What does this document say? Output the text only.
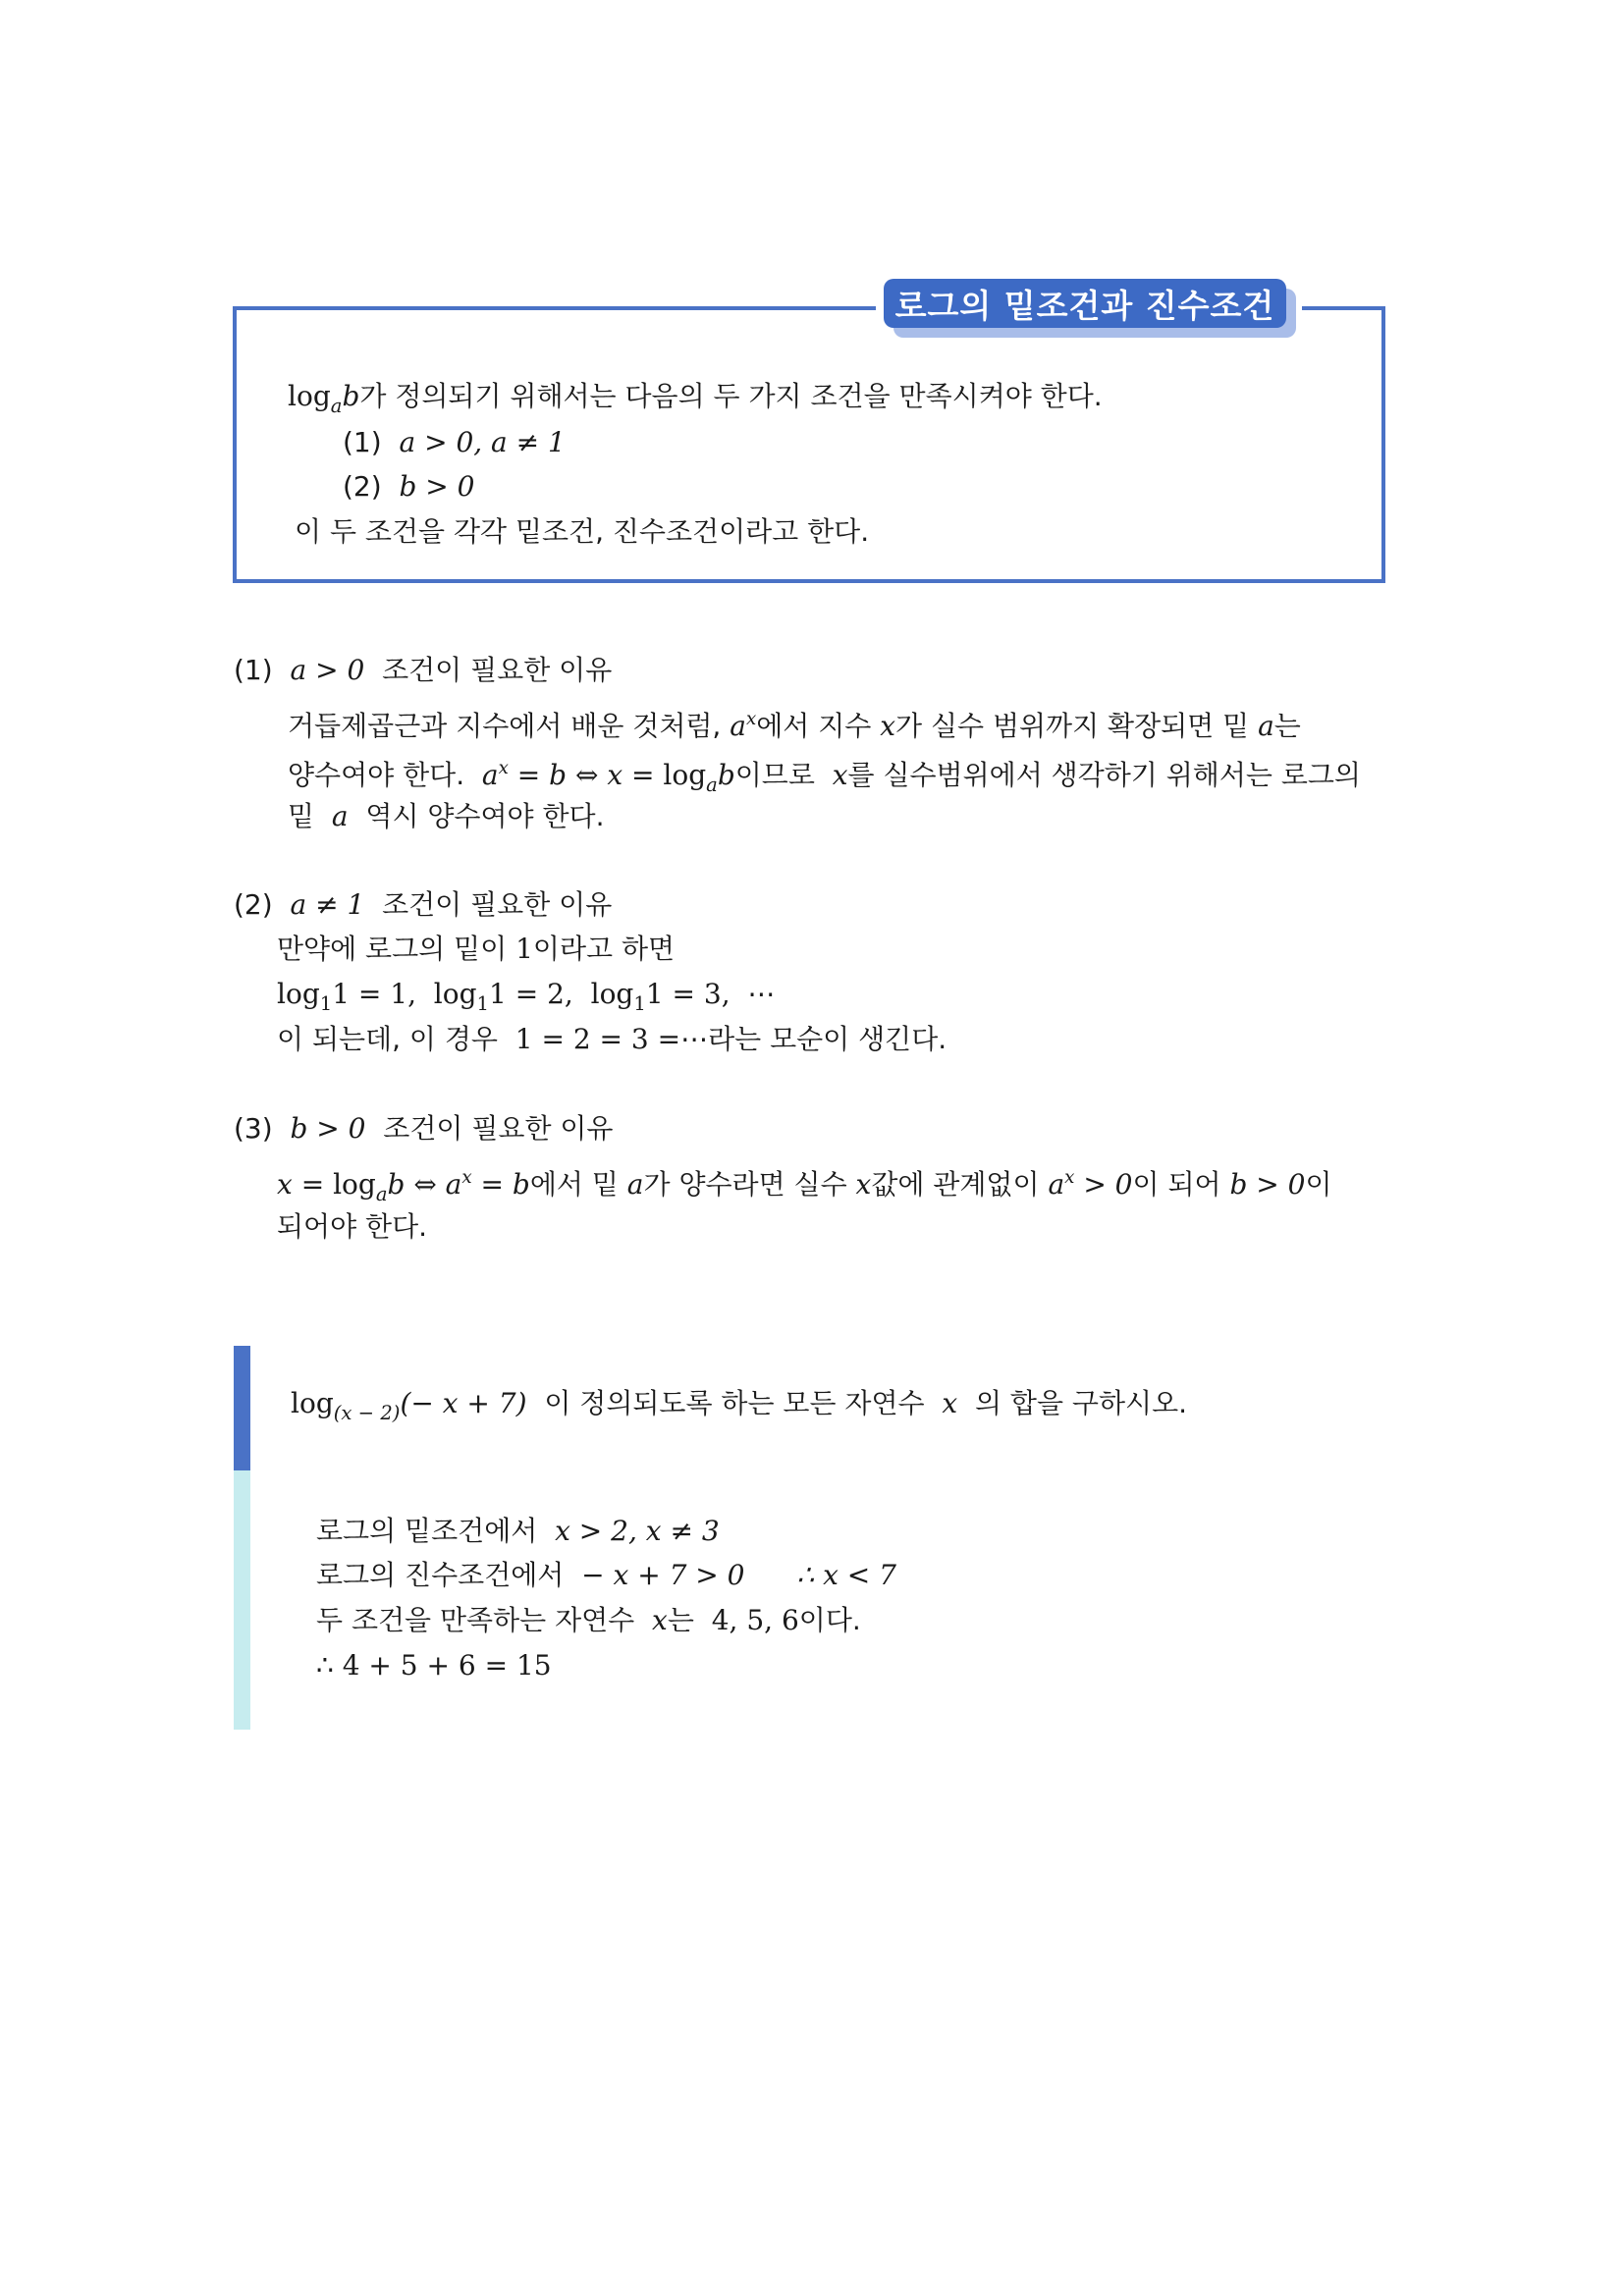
로그의 밑조건과 진수조건
$\log_ab$가 정의되기 위해서는 다음의 두 가지 조건을 만족시켜야 한다.
(1) a > 0, a ≠ 1
(2) b > 0
이 두 조건을 각각 밑조건, 진수조건이라고 한다.
(1) a > 0 조건이 필요한 이유
거듭제곱근과 지수에서 배운 것처럼, $a^x$에서 지수 x가 실수 범위까지 확장되면 밑 a는
양수여야 한다. $a^x = b$ ⇔ $x = \log_ab$이므로 x를 실수범위에서 생각하기 위해서는 로그의
밑 a 역시 양수여야 한다.
(2) a ≠ 1 조건이 필요한 이유
만약에 로그의 밑이 1이라고 하면
$\log_11 = 1$,  $\log_11 = 2$,  $\log_11 = 3$,  ⋯
이 되는데, 이 경우 1 = 2 = 3 =⋯라는 모순이 생긴다.
(3) b > 0 조건이 필요한 이유
$x = \log_ab$ ⇔ $a^x = b$에서 밑 a가 양수라면 실수 x값에 관계없이 $a^x > 0$이 되어 b > 0이
되어야 한다.
$\log_{(x - 2)}(- x + 7)$ 이 정의되도록 하는 모든 자연수 x 의 합을 구하시오.
로그의 밑조건에서 x > 2, x ≠ 3
로그의 진수조건에서 − x + 7 > 0 ∴ x < 7
두 조건을 만족하는 자연수 x는 4, 5, 6이다.
∴ 4 + 5 + 6 = 15
